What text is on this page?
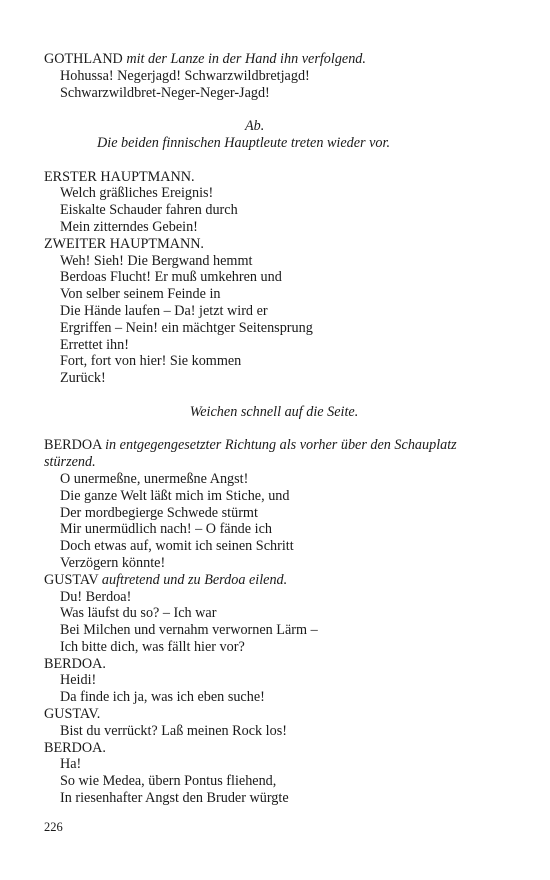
GOTHLAND mit der Lanze in der Hand ihn verfolgend.
Hohussa! Negerjagd! Schwarzwildbretjagd!
Schwarzwildbret-Neger-Neger-Jagd!
Ab.
Die beiden finnischen Hauptleute treten wieder vor.
ERSTER HAUPTMANN.
Welch gräßliches Ereignis!
Eiskalte Schauder fahren durch
Mein zitterndes Gebein!
ZWEITER HAUPTMANN.
Weh! Sieh! Die Bergwand hemmt
Berdoas Flucht! Er muß umkehren und
Von selber seinem Feinde in
Die Hände laufen – Da! jetzt wird er
Ergriffen – Nein! ein mächtger Seitensprung
Errettet ihn!
Fort, fort von hier! Sie kommen
Zurück!
Weichen schnell auf die Seite.
BERDOA in entgegengesetzter Richtung als vorher über den Schauplatz stürzend.
O unermeßne, unermeßne Angst!
Die ganze Welt läßt mich im Stiche, und
Der mordbegierge Schwede stürmt
Mir unermüdlich nach! – O fände ich
Doch etwas auf, womit ich seinen Schritt
Verzögern könnte!
GUSTAV auftretend und zu Berdoa eilend.
Du! Berdoa!
Was läufst du so? – Ich war
Bei Milchen und vernahm verwornen Lärm –
Ich bitte dich, was fällt hier vor?
BERDOA.
Heidi!
Da finde ich ja, was ich eben suche!
GUSTAV.
Bist du verrückt? Laß meinen Rock los!
BERDOA.
Ha!
So wie Medea, übern Pontus fliehend,
In riesenhafter Angst den Bruder würgte
226
